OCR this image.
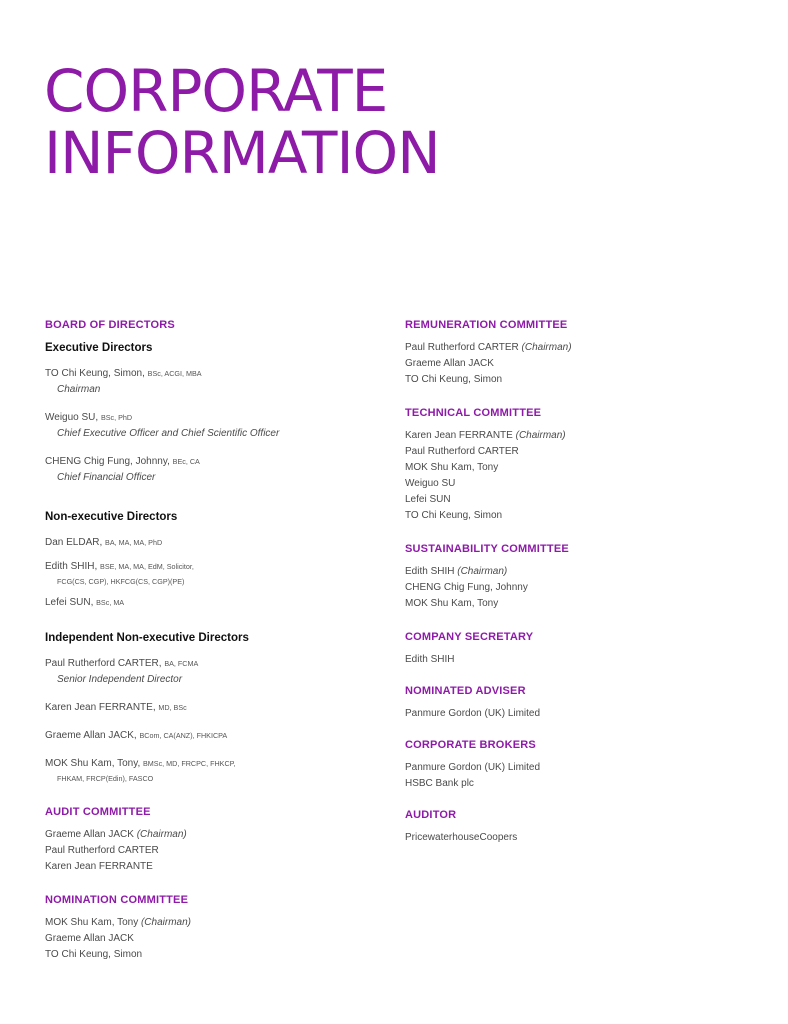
CORPORATE
INFORMATION
BOARD OF DIRECTORS
Executive Directors
TO Chi Keung, Simon, BSc, ACGI, MBA
Chairman
Weiguo SU, BSc, PhD
Chief Executive Officer and Chief Scientific Officer
CHENG Chig Fung, Johnny, BEc, CA
Chief Financial Officer
Non-executive Directors
Dan ELDAR, BA, MA, MA, PhD
Edith SHIH, BSE, MA, MA, EdM, Solicitor,
FCG(CS, CGP), HKFCG(CS, CGP)(PE)
Lefei SUN, BSc, MA
Independent Non-executive Directors
Paul Rutherford CARTER, BA, FCMA
Senior Independent Director
Karen Jean FERRANTE, MD, BSc
Graeme Allan JACK, BCom, CA(ANZ), FHKICPA
MOK Shu Kam, Tony, BMSc, MD, FRCPC, FHKCP,
FHKAM, FRCP(Edin), FASCO
AUDIT COMMITTEE
Graeme Allan JACK (Chairman)
Paul Rutherford CARTER
Karen Jean FERRANTE
NOMINATION COMMITTEE
MOK Shu Kam, Tony (Chairman)
Graeme Allan JACK
TO Chi Keung, Simon
REMUNERATION COMMITTEE
Paul Rutherford CARTER (Chairman)
Graeme Allan JACK
TO Chi Keung, Simon
TECHNICAL COMMITTEE
Karen Jean FERRANTE (Chairman)
Paul Rutherford CARTER
MOK Shu Kam, Tony
Weiguo SU
Lefei SUN
TO Chi Keung, Simon
SUSTAINABILITY COMMITTEE
Edith SHIH (Chairman)
CHENG Chig Fung, Johnny
MOK Shu Kam, Tony
COMPANY SECRETARY
Edith SHIH
NOMINATED ADVISER
Panmure Gordon (UK) Limited
CORPORATE BROKERS
Panmure Gordon (UK) Limited
HSBC Bank plc
AUDITOR
PricewaterhouseCoopers
